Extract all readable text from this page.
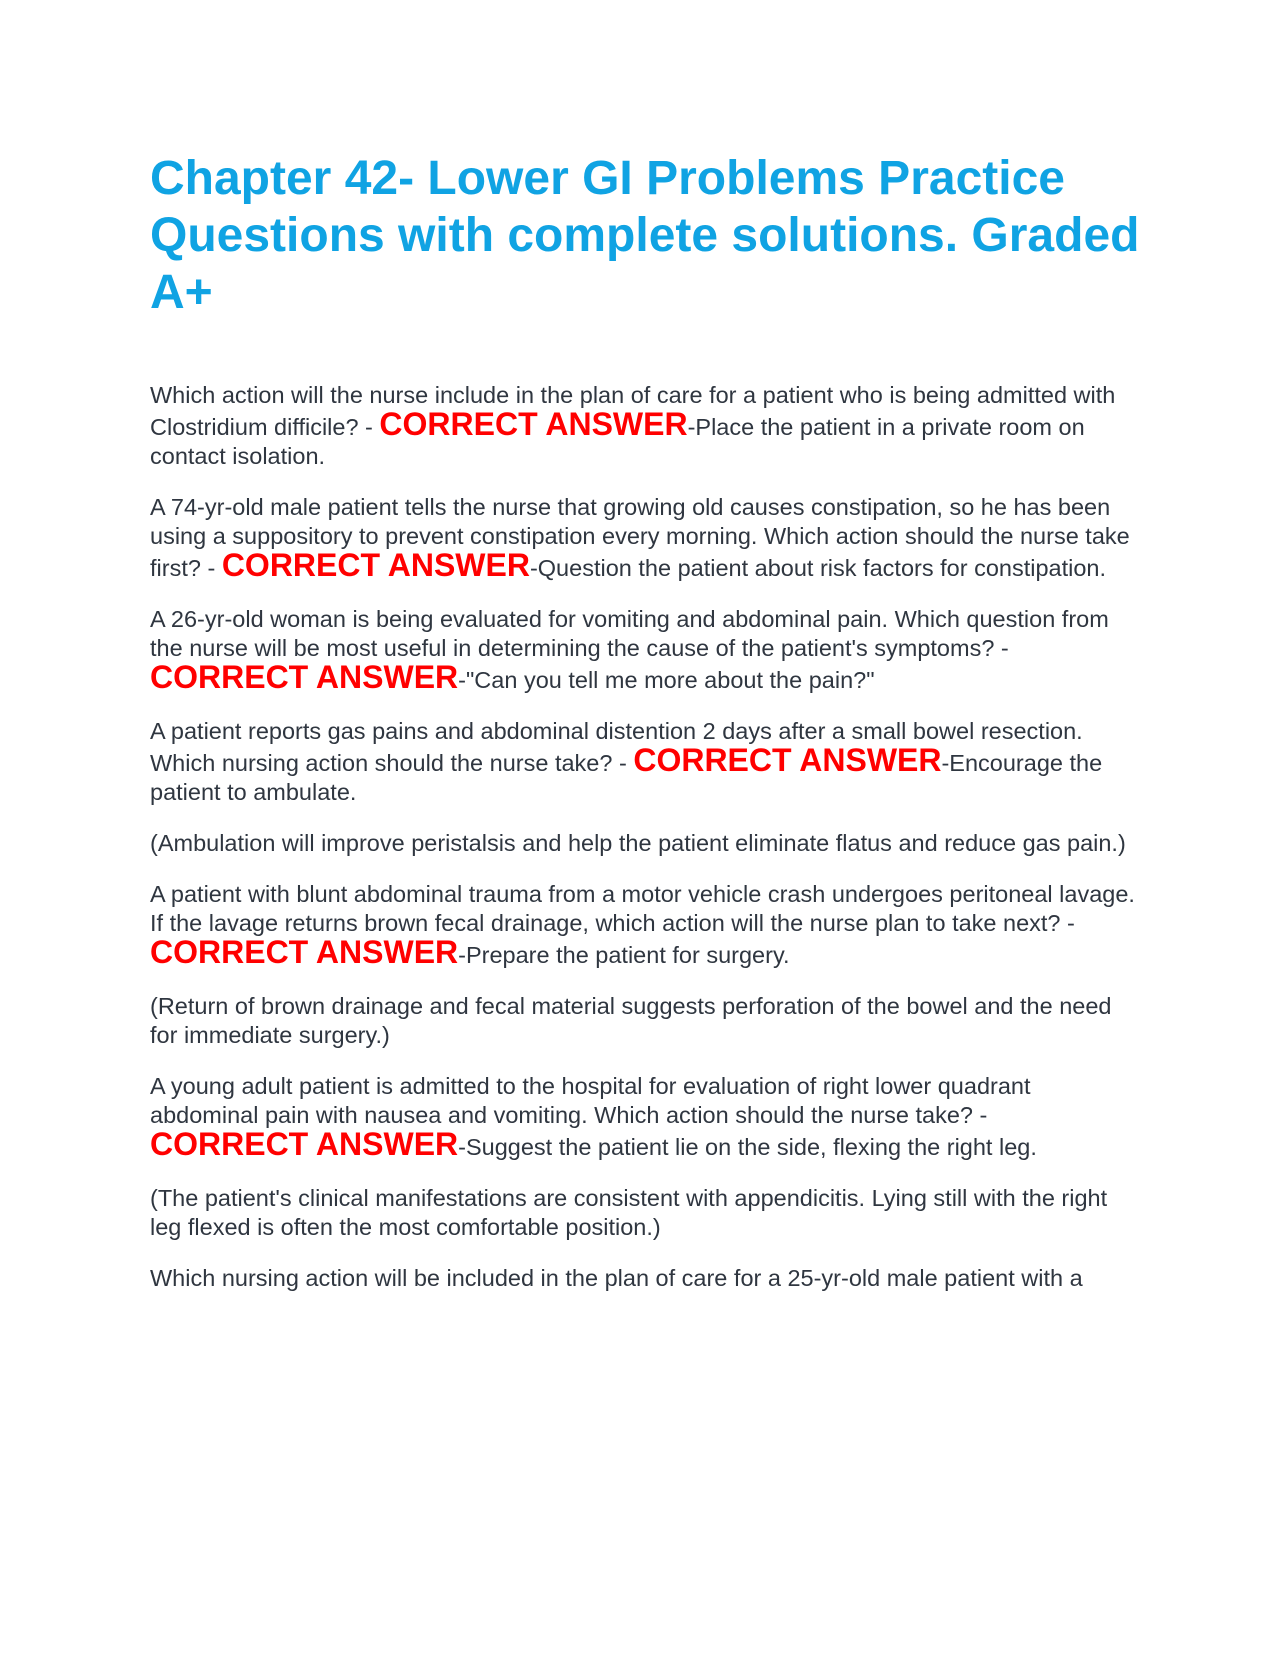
Chapter 42- Lower GI Problems Practice Questions with complete solutions. Graded A+

Which action will the nurse include in the plan of care for a patient who is being admitted with Clostridium difficile? - CORRECT ANSWER-Place the patient in a private room on contact isolation.

A 74-yr-old male patient tells the nurse that growing old causes constipation, so he has been using a suppository to prevent constipation every morning. Which action should the nurse take first? - CORRECT ANSWER-Question the patient about risk factors for constipation.

A 26-yr-old woman is being evaluated for vomiting and abdominal pain. Which question from the nurse will be most useful in determining the cause of the patient's symptoms? - CORRECT ANSWER-"Can you tell me more about the pain?"

A patient reports gas pains and abdominal distention 2 days after a small bowel resection. Which nursing action should the nurse take? - CORRECT ANSWER-Encourage the patient to ambulate.

(Ambulation will improve peristalsis and help the patient eliminate flatus and reduce gas pain.)

A patient with blunt abdominal trauma from a motor vehicle crash undergoes peritoneal lavage. If the lavage returns brown fecal drainage, which action will the nurse plan to take next? - CORRECT ANSWER-Prepare the patient for surgery.

(Return of brown drainage and fecal material suggests perforation of the bowel and the need for immediate surgery.)

A young adult patient is admitted to the hospital for evaluation of right lower quadrant abdominal pain with nausea and vomiting. Which action should the nurse take? - CORRECT ANSWER-Suggest the patient lie on the side, flexing the right leg.

(The patient's clinical manifestations are consistent with appendicitis. Lying still with the right leg flexed is often the most comfortable position.)

Which nursing action will be included in the plan of care for a 25-yr-old male patient with a
